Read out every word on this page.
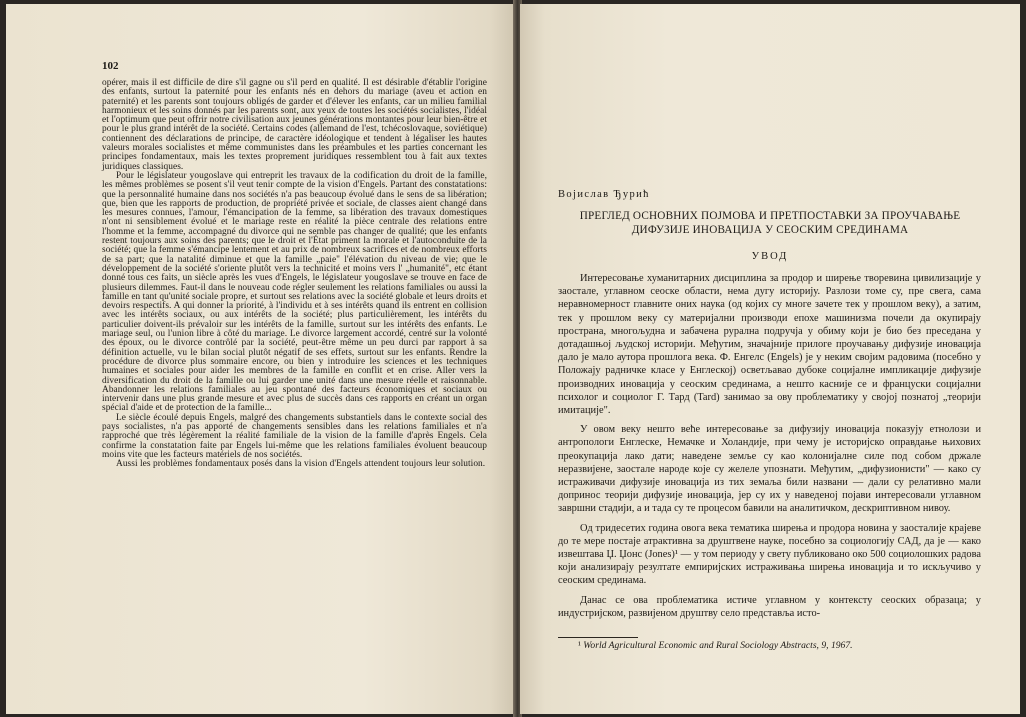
102

opérer, mais il est difficile de dire s'il gagne ou s'il perd en qualité. Il est désirable d'établir l'origine des enfants, surtout la paternité pour les enfants nés en dehors du mariage (aveu et action en paternité) et les parents sont toujours obligés de garder et d'élever les enfants, car un milieu familial harmonieux et les soins donnés par les parents sont, aux yeux de toutes les sociétés socialistes, l'idéal et l'optimum que peut offrir notre civilisation aux jeunes générations montantes pour leur bien-être et pour le plus grand intérêt de la société. Certains codes (allemand de l'est, tchécoslovaque, soviétique) contiennent des déclarations de principe, de caractère idéologique et tendent à légaliser les hautes valeurs morales socialistes et même communistes dans les préambules et les parties concernant les principes fondamentaux, mais les textes proprement juridiques ressemblent tou à fait aux textes juridiques classiques.

Pour le législateur yougoslave qui entreprit les travaux de la codification du droit de la famille, les mêmes problèmes se posent s'il veut tenir compte de la vision d'Engels. Partant des constatations: que la personnalité humaine dans nos sociétés n'a pas beaucoup évolué dans le sens de sa libération; que, bien que les rapports de production, de propriété privée et sociale, de classes aient changé dans les mesures connues, l'amour, l'émancipation de la femme, sa libération des travaux domestiques n'ont ni sensiblement évolué et le mariage reste en réalité la pièce centrale des relations entre l'homme et la femme, accompagné du divorce qui ne semble pas changer de qualité; que les enfants restent toujours aux soins des parents; que le droit et l'État priment la morale et l'autoconduite de la société; que la femme s'émancipe lentement et au prix de nombreux sacrifices et de nombreux efforts de sa part; que la natalité diminue et que la famille „paie" l'élévation du niveau de vie; que le développement de la société s'oriente plutôt vers la technicité et moins vers l' „humanité", etc étant donné tous ces faits, un siècle après les vues d'Engels, le législateur yougoslave se trouve en face de plusieurs dilemmes. Faut-il dans le nouveau code régler seulement les relations familiales ou aussi la famille en tant qu'unité sociale propre, et surtout ses relations avec la société globale et leurs droits et devoirs respectifs. A qui donner la priorité, à l'individu et à ses intérêts quand ils entrent en collision avec les intérêts sociaux, ou aux intérêts de la société; plus particulièrement, les intérêts du particulier doivent-ils prévaloir sur les intérêts de la famille, surtout sur les intérêts des enfants. Le mariage seul, ou l'union libre à côté du mariage. Le divorce largement accordé, centré sur la volonté des époux, ou le divorce contrôlé par la société, peut-être même un peu durci par rapport à sa définition actuelle, vu le bilan social plutôt négatif de ses effets, surtout sur les enfants. Rendre la procédure de divorce plus sommaire encore, ou bien y introduire les sciences et les techniques humaines et sociales pour aider les membres de la famille en conflit et en crise. Aller vers la diversification du droit de la famille ou lui garder une unité dans une mesure réelle et raisonnable. Abandonner les relations familiales au jeu spontané des facteurs économiques et sociaux ou intervenir dans une plus grande mesure et avec plus de succès dans ces rapports en créant un organ spécial d'aide et de protection de la famille...

Le siècle écoulé depuis Engels, malgré des changements substantiels dans le contexte social des pays socialistes, n'a pas apporté de changements sensibles dans les relations familiales et n'a rapproché que très légèrement la réalité familiale de la vision de la famille d'après Engels. Cela confirme la constatation faite par Engels lui-même que les relations familiales évoluent beaucoup moins vite que les facteurs matériels de nos sociétés.

Aussi les problèmes fondamentaux posés dans la vision d'Engels attendent toujours leur solution.

Војислав Ђурић
ПРЕГЛЕД ОСНОВНИХ ПОЈМОВА И ПРЕТПОСТАВКИ ЗА ПРОУЧАВАЊЕ
ДИФУЗИЈЕ ИНОВАЦИЈА У СЕОСКИМ СРЕДИНАМА
УВОД

Интересовање хуманитарних дисциплина за продор и ширење творевина цивилизације у заостале, углавном сеоске области, нема дугу историју. Разлози томе су, пре свега, сама неравномерност главните оних наука (од којих су многе зачете тек у прошлом веку), а затим, тек у прошлом веку су материјални производи епохе машинизма почели да окупирају пространа, многољудна и забачена рурална подручја у обиму који је био без преседана у дотадашњој људској историји. Међутим, значајније прилоге проучавању дифузије иновација дало је мало аутора прошлога века. Ф. Енгелс (Engels) је у неким својим радовима (посебно у Положају радничке класе у Енглеској) осветљавао дубоке социјалне импликације дифузије производних иновација у сеоским срединама, а нешто касније се и француски социјални психолог и социолог Г. Тард (Tard) занимао за ову проблематику у својој познатој „теорији имитације".

У овом веку нешто веће интересовање за дифузију иновација показују етнолози и антропологи Енглеске, Немачке и Холандије, при чему је историјско оправдање њихових преокупација лако дати; наведене земље су као колонијалне силе под собом држале неразвијене, заостале народе које су желеле упознати. Међутим, „дифузионисти" — како су истраживачи дифузије иновација из тих земаља били названи — дали су релативно мали допринос теорији дифузије иновација, јер су их у наведеној појави интересовали углавном завршни стадији, а и тада су те процесом бавили на аналитичком, дескриптивном нивоу.

Од тридесетих година овога века тематика ширења и продора новина у заосталије крајеве до те мере постаје атрактивна за друштвене науке, посебно за социологију САД, да је — како извештава Џ. Џонс (Jones)¹ — у том периоду у свету публиковано око 500 социолошких радова који анализирају резултате емпиријских истраживања ширења иновација и то искључиво у сеоским срединама.

Данас се ова проблематика истиче углавном у контексту сеоских образаца; у индустријском, развијеном друштву село представља исто-

¹ World Agricultural Economic and Rural Sociology Abstracts, 9, 1967.
